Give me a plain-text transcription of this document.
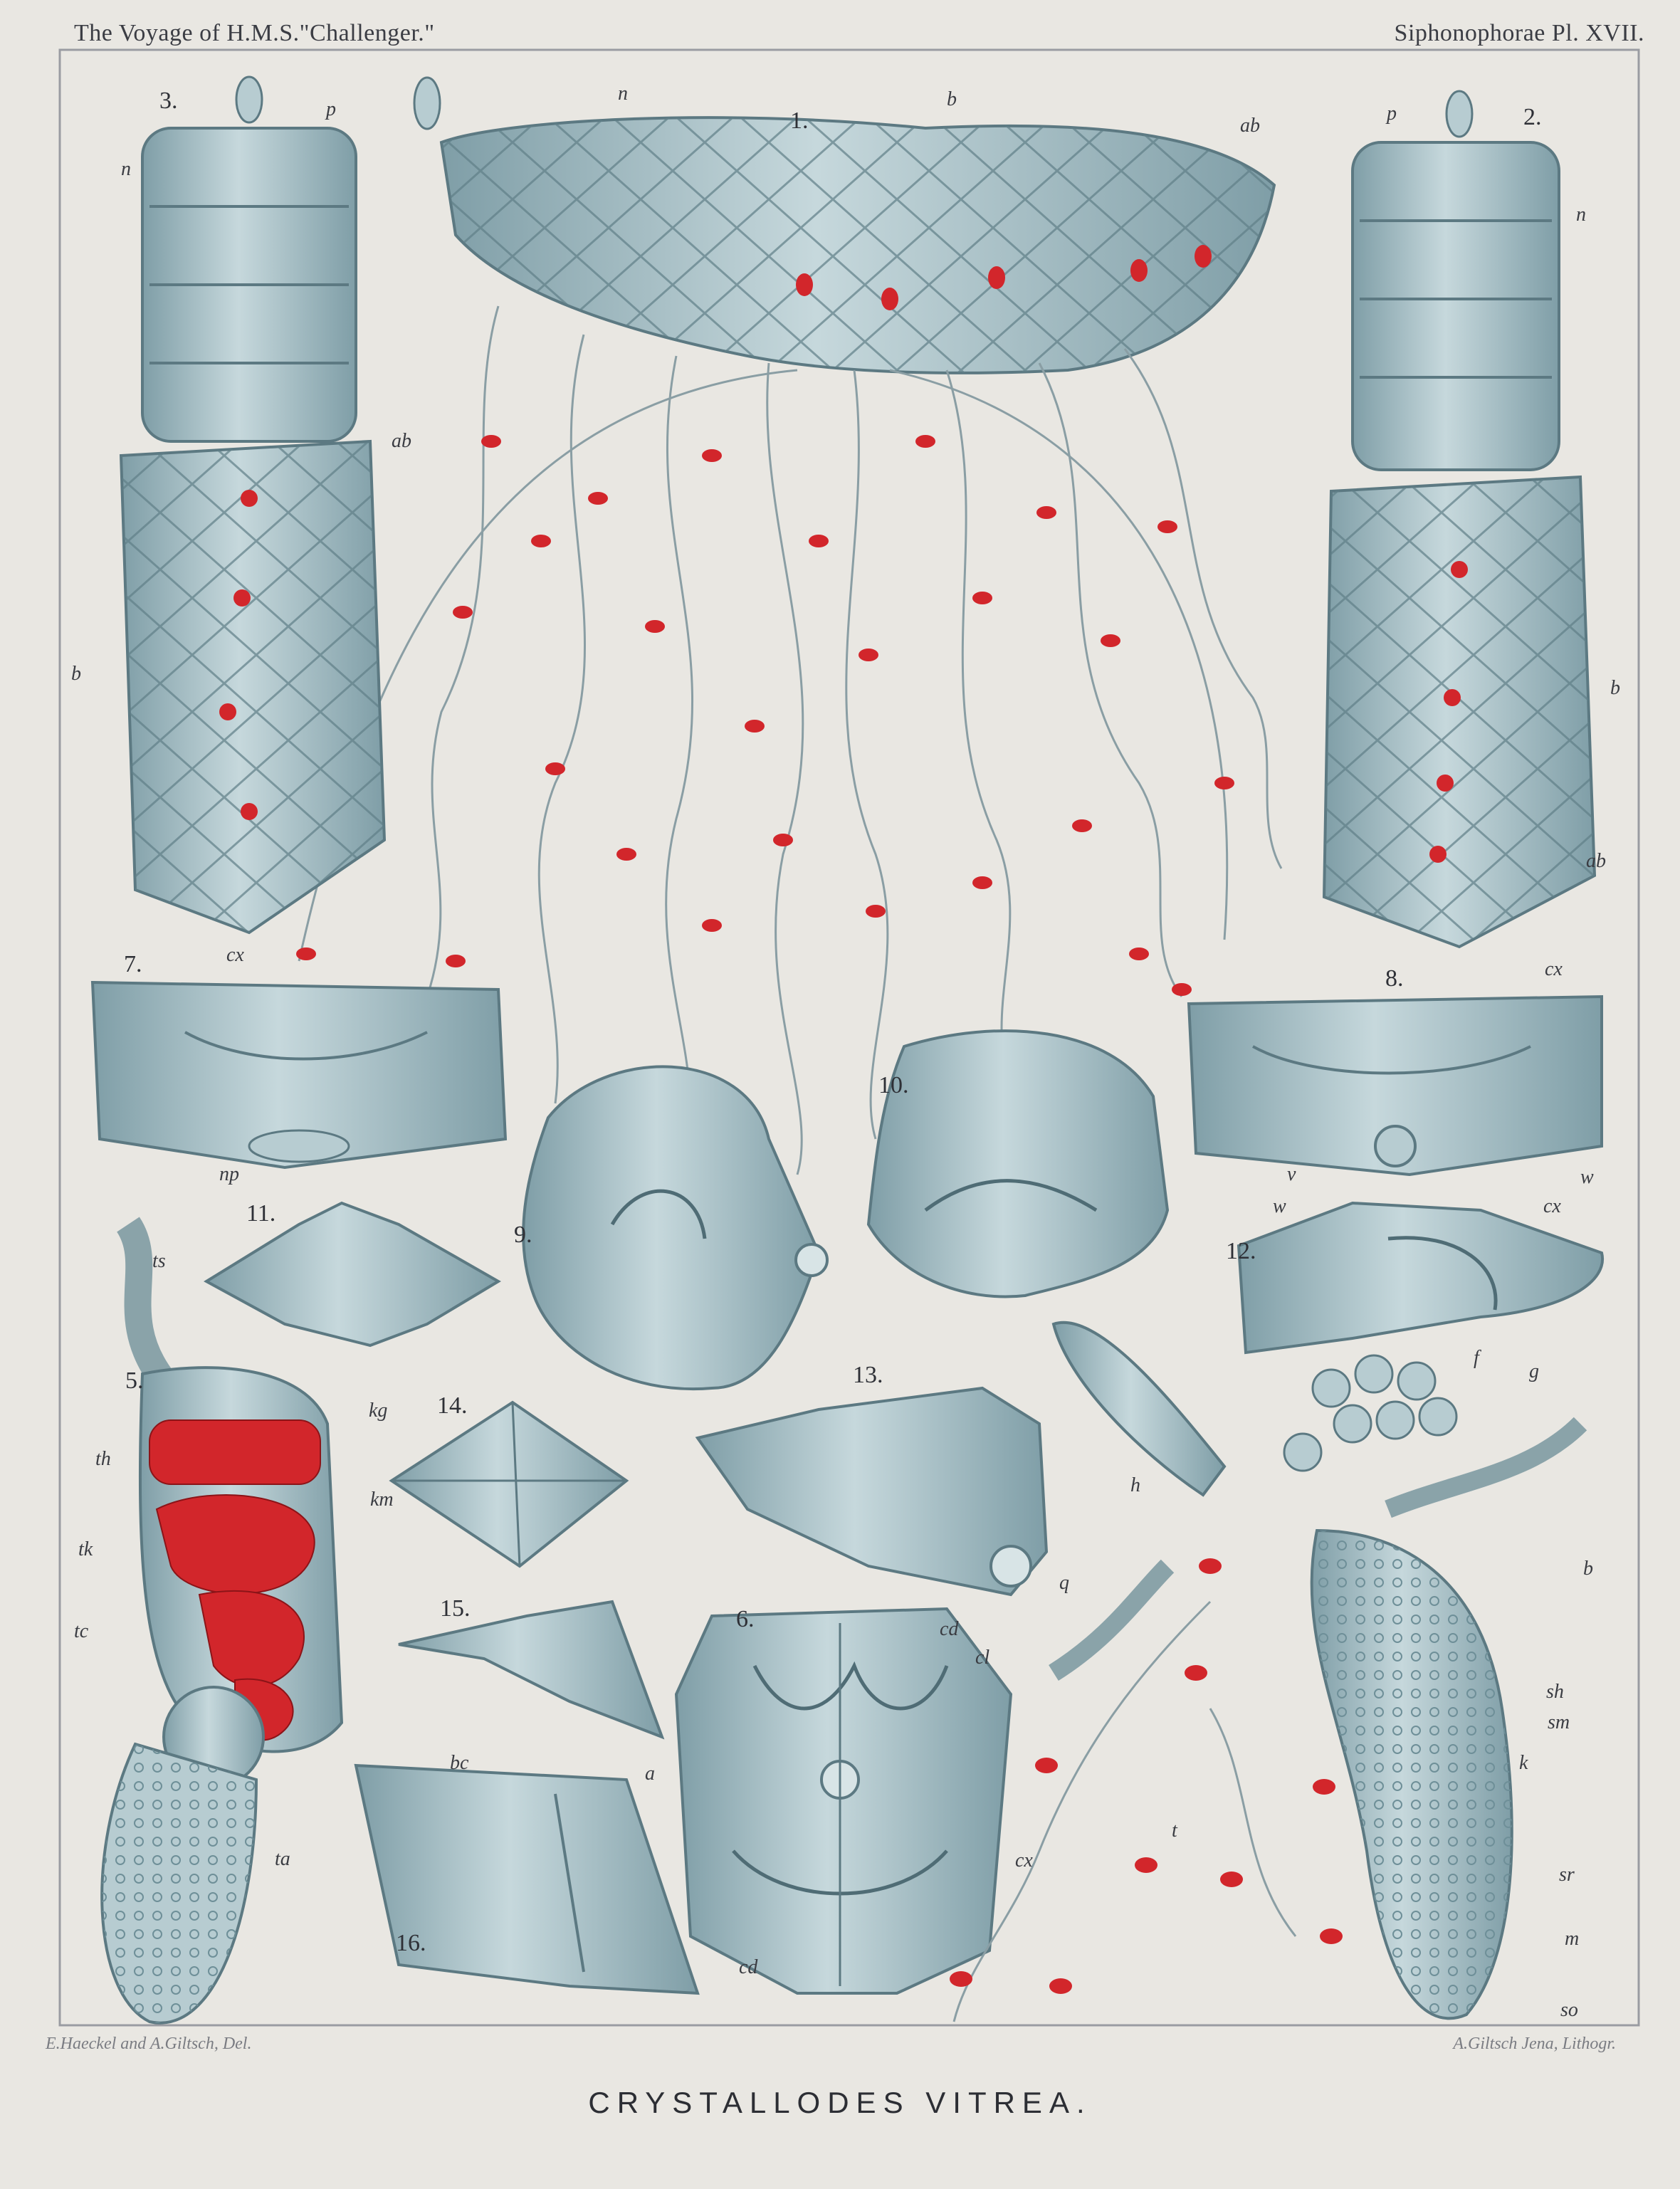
The Voyage of H.M.S."Challenger."	Siphonophorae Pl. XVII.
1.	2.
3.
5.
6.
7.
8.
9.
10.
11.
12.
13.
14.
15.
16.
n
p
n	b
ab
p
n
ab
b
b
ab
cx
np
cx
v	w
w	cx
ts
kg
th
km
tk
tc
ta
cd
cl
a
bc
cx
cd
f
g
h
q
b
sh
sm
k
t
sr
m
so
E.Haeckel and A.Giltsch, Del.	A.Giltsch Jena, Lithogr.
CRYSTALLODES VITREA.
